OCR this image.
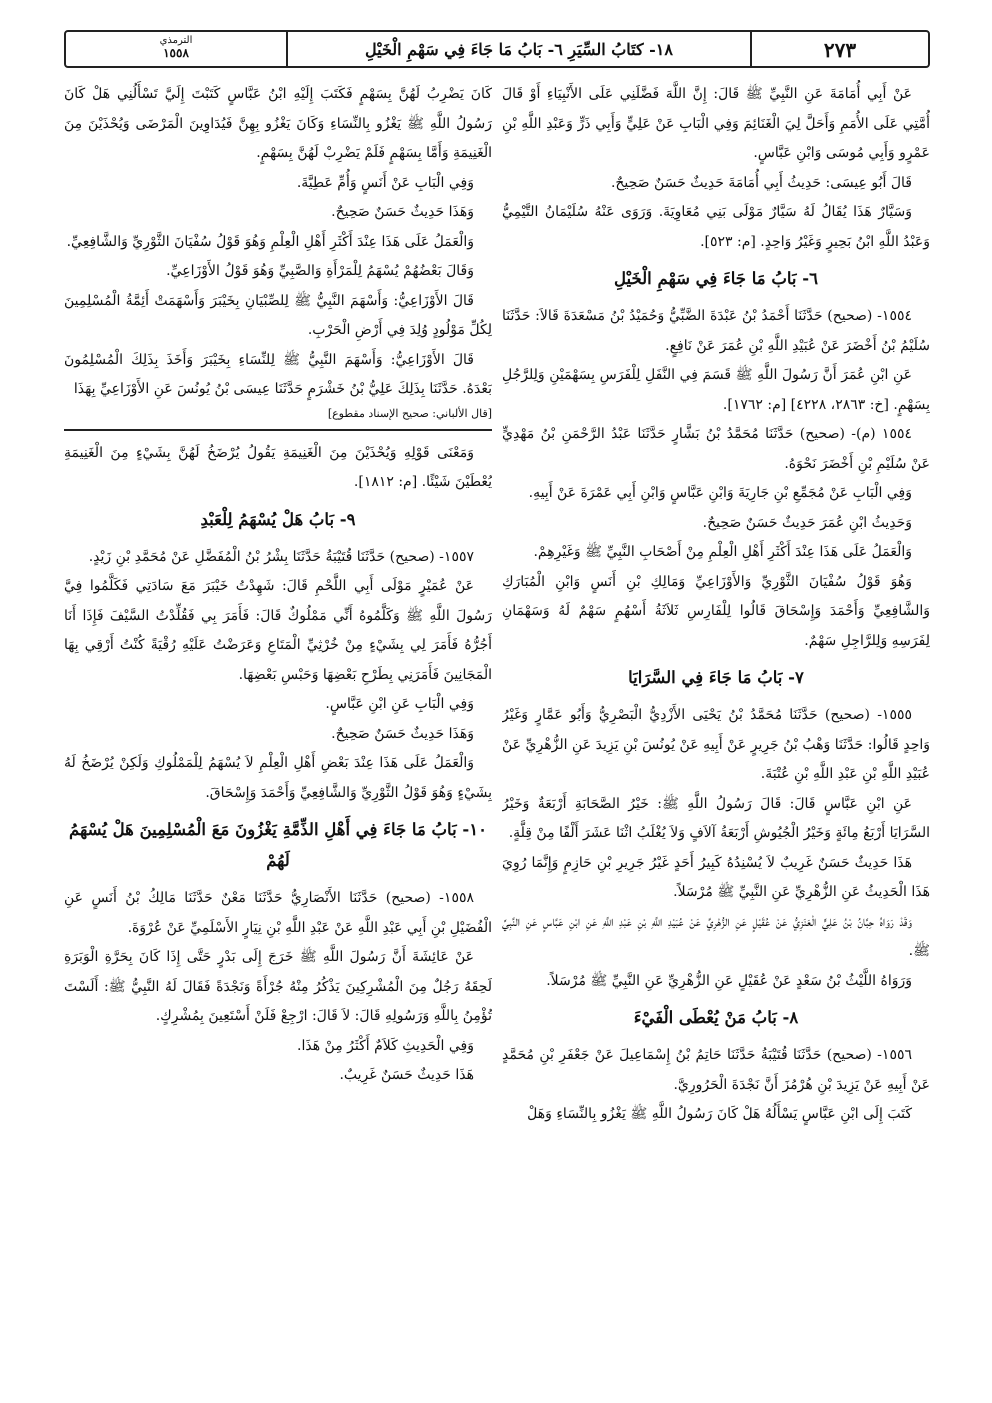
الترمذي
١٥٥٨	١٨- كتَابُ السِّيَرِ ٦- بَابُ مَا جَاءَ فِي سَهْمِ الْخَيْلِ	٢٧٣

عَنْ أَبِي أُمَامَةَ عَنِ النَّبِيِّ ﷺ قَالَ: إِنَّ اللَّهَ فَضَّلَنِي عَلَى الأَنْبِيَاءِ أَوْ قَالَ أُمَّتِي عَلَى الأُمَمِ وَأَحَلَّ لِيَ الْغَنَائِمَ وَفِي الْبَابِ عَنْ عَلِيٍّ وَأَبِي ذَرٍّ وَعَبْدِ اللَّهِ بْنِ عَمْرٍو وَأَبِي مُوسَى وَابْنِ عَبَّاسٍ.

قَالَ أَبُو عِيسَى: حَدِيثُ أَبِي أُمَامَةَ حَدِيثٌ حَسَنٌ صَحِيحٌ.

وَسَيَّارٌ هَذَا يُقَالُ لَهُ سَيَّارٌ مَوْلَى بَنِي مُعَاوِيَةَ. وَرَوَى عَنْهُ سُلَيْمَانُ التَّيْمِيُّ وَعَبْدُ اللَّهِ ابْنُ بَحِيرٍ وَغَيْرُ وَاحِدٍ. [م: ٥٢٣].

٦- بَابُ مَا جَاءَ فِي سَهْمِ الْخَيْلِ

١٥٥٤- (صحيح) حَدَّثَنَا أَحْمَدُ بْنُ عَبْدَةَ الضَّبِّيُّ وَحُمَيْدُ بْنُ مَسْعَدَةَ قَالاَ: حَدَّثَنَا سُلَيْمُ بْنُ أَخْضَرَ عَنْ عُبَيْدِ اللَّهِ بْنِ عُمَرَ عَنْ نَافِعٍ.

عَنِ ابْنِ عُمَرَ أَنَّ رَسُولَ اللَّهِ ﷺ قَسَمَ فِي النَّفَلِ لِلْفَرَسِ بِسَهْمَيْنِ وَلِلرَّجُلِ بِسَهْمٍ. [خ: ٢٨٦٣، ٤٢٢٨] [م: ١٧٦٢].

١٥٥٤ (م)- (صحيح) حَدَّثَنَا مُحَمَّدُ بْنُ بَشَّارٍ حَدَّثَنَا عَبْدُ الرَّحْمَنِ بْنُ مَهْدِيٍّ عَنْ سُلَيْمِ بْنِ أَخْضَرَ نَحْوَهُ.

وَفِي الْبَابِ عَنْ مُجَمِّعِ بْنِ جَارِيَةَ وَابْنِ عَبَّاسٍ وَابْنِ أَبِي عَمْرَةَ عَنْ أَبِيهِ.

وَحَدِيثُ ابْنِ عُمَرَ حَدِيثٌ حَسَنٌ صَحِيحٌ.

وَالْعَمَلُ عَلَى هَذَا عِنْدَ أَكْثَرِ أَهْلِ الْعِلْمِ مِنْ أَصْحَابِ النَّبِيِّ ﷺ وَغَيْرِهِمْ.

وَهُوَ قَوْلُ سُفْيَانَ الثَّوْرِيِّ وَالأَوْزَاعِيِّ وَمَالِكِ بْنِ أَنَسٍ وَابْنِ الْمُبَارَكِ وَالشَّافِعِيِّ وَأَحْمَدَ وَإِسْحَاقَ قَالُوا لِلْفَارِسِ ثَلاَثَةُ أَسْهُمٍ سَهْمٌ لَهُ وَسَهْمَانِ لِفَرَسِهِ وَلِلرَّاجِلِ سَهْمٌ.

٧- بَابُ مَا جَاءَ فِي السَّرَايَا

١٥٥٥- (صحيح) حَدَّثَنَا مُحَمَّدُ بْنُ يَحْيَى الأَزْدِيُّ الْبَصْرِيُّ وَأَبُو عَمَّارٍ وَغَيْرُ وَاحِدٍ قَالُوا: حَدَّثَنَا وَهْبُ بْنُ جَرِيرٍ عَنْ أَبِيهِ عَنْ يُونُسَ بْنِ يَزِيدَ عَنِ الزُّهْرِيِّ عَنْ عُبَيْدِ اللَّهِ بْنِ عَبْدِ اللَّهِ بْنِ عُتْبَةَ.

عَنِ ابْنِ عَبَّاسٍ قَالَ: قَالَ رَسُولُ اللَّهِ ﷺ: خَيْرُ الصَّحَابَةِ أَرْبَعَةٌ وَخَيْرُ السَّرَايَا أَرْبَعُ مِائَةٍ وَخَيْرُ الْجُيُوشِ أَرْبَعَةُ آلاَفٍ وَلاَ يُغْلَبُ اثْنَا عَشَرَ أَلْفًا مِنْ قِلَّةٍ.

هَذَا حَدِيثٌ حَسَنٌ غَرِيبٌ لاَ يُسْنِدُهُ كَبِيرُ أَحَدٍ غَيْرُ جَرِيرِ بْنِ حَازِمٍ وَإِنَّمَا رُوِيَ هَذَا الْحَدِيثُ عَنِ الزُّهْرِيِّ عَنِ النَّبِيِّ ﷺ مُرْسَلاً.

وَقَدْ رَوَاهُ حِبَّانُ بْنُ عَلِيٍّ الْعَنَزِيُّ عَنْ عُقَيْلٍ عَنِ الزُّهْرِيِّ عَنْ عُبَيْدِ اللَّهِ بْنِ عَبْدِ اللَّهِ عَنِ ابْنِ عَبَّاسٍ عَنِ النَّبِيِّ ﷺ.

وَرَوَاهُ اللَّيْثُ بْنُ سَعْدٍ عَنْ عُقَيْلٍ عَنِ الزُّهْرِيِّ عَنِ النَّبِيِّ ﷺ مُرْسَلاً.

٨- بَابُ مَنْ يُعْطَى الْفَيْءَ

١٥٥٦- (صحيح) حَدَّثَنَا قُتَيْبَةُ حَدَّثَنَا حَاتِمُ بْنُ إِسْمَاعِيلَ عَنْ جَعْفَرِ بْنِ مُحَمَّدٍ عَنْ أَبِيهِ عَنْ يَزِيدَ بْنِ هُرْمُزَ أَنَّ نَجْدَةَ الْحَرُورِيَّ.

كَتَبَ إِلَى ابْنِ عَبَّاسٍ يَسْأَلُهُ هَلْ كَانَ رَسُولُ اللَّهِ ﷺ يَغْزُو بِالنِّسَاءِ وَهَلْ

كَانَ يَضْرِبُ لَهُنَّ بِسَهْمٍ فَكَتَبَ إِلَيْهِ ابْنُ عَبَّاسٍ كَتَبْتَ إِلَيَّ تَسْأَلُنِي هَلْ كَانَ رَسُولُ اللَّهِ ﷺ يَغْزُو بِالنِّسَاءِ وَكَانَ يَغْزُو بِهِنَّ فَيُدَاوِينَ الْمَرْضَى وَيُحْذَيْنَ مِنَ الْغَنِيمَةِ وَأَمَّا بِسَهْمٍ فَلَمْ يَضْرِبْ لَهُنَّ بِسَهْمٍ.

وَفِي الْبَابِ عَنْ أَنَسٍ وَأُمِّ عَطِيَّةَ.

وَهَذَا حَدِيثٌ حَسَنٌ صَحِيحٌ.

وَالْعَمَلُ عَلَى هَذَا عِنْدَ أَكْثَرِ أَهْلِ الْعِلْمِ وَهُوَ قَوْلُ سُفْيَانَ الثَّوْرِيِّ وَالشَّافِعِيِّ.

وَقَالَ بَعْضُهُمْ يُسْهَمُ لِلْمَرْأَةِ وَالصَّبِيِّ وَهُوَ قَوْلُ الأَوْزَاعِيِّ.

قَالَ الأَوْزَاعِيُّ: وَأَسْهَمَ النَّبِيُّ ﷺ لِلصِّبْيَانِ بِخَيْبَرَ وَأَسْهَمَتْ أَئِمَّةُ الْمُسْلِمِينَ لِكُلِّ مَوْلُودٍ وُلِدَ فِي أَرْضِ الْحَرْبِ.

قَالَ الأَوْزَاعِيُّ: وَأَسْهَمَ النَّبِيُّ ﷺ لِلنِّسَاءِ بِخَيْبَرَ وَأَخَذَ بِذَلِكَ الْمُسْلِمُونَ بَعْدَهُ. حَدَّثَنَا بِذَلِكَ عَلِيُّ بْنُ خَشْرَمٍ حَدَّثَنَا عِيسَى بْنُ يُونُسَ عَنِ الأَوْزَاعِيِّ بِهَذَا

[قال الألباني: صحيح الإسناد مقطوع]

وَمَعْنَى قَوْلِهِ وَيُحْذَيْنَ مِنَ الْغَنِيمَةِ يَقُولُ يُرْضَخُ لَهُنَّ بِشَيْءٍ مِنَ الْغَنِيمَةِ يُعْطَيْنَ شَيْئًا. [م: ١٨١٢].

٩- بَابُ هَلْ يُسْهَمُ لِلْعَبْدِ

١٥٥٧- (صحيح) حَدَّثَنَا قُتَيْبَةُ حَدَّثَنَا بِشْرُ بْنُ الْمُفَضَّلِ عَنْ مُحَمَّدِ بْنِ زَيْدٍ.

عَنْ عُمَيْرٍ مَوْلَى أَبِي اللَّحْمِ قَالَ: شَهِدْتُ خَيْبَرَ مَعَ سَادَتِي فَكَلَّمُوا فِيَّ رَسُولَ اللَّهِ ﷺ وَكَلَّمُوهُ أَنِّي مَمْلُوكٌ قَالَ: فَأَمَرَ بِي فَقُلِّدْتُ السَّيْفَ فَإِذَا أَنَا أَجُرُّهُ فَأَمَرَ لِي بِشَيْءٍ مِنْ خُرْثِيِّ الْمَتَاعِ وَعَرَضْتُ عَلَيْهِ رُقْيَةً كُنْتُ أَرْقِي بِهَا الْمَجَانِينَ فَأَمَرَنِي بِطَرْحِ بَعْضِهَا وَحَبْسِ بَعْضِهَا.

وَفِي الْبَابِ عَنِ ابْنِ عَبَّاسٍ.

وَهَذَا حَدِيثٌ حَسَنٌ صَحِيحٌ.

وَالْعَمَلُ عَلَى هَذَا عِنْدَ بَعْضِ أَهْلِ الْعِلْمِ لاَ يُسْهَمُ لِلْمَمْلُوكِ وَلَكِنْ يُرْضَخُ لَهُ بِشَيْءٍ وَهُوَ قَوْلُ الثَّوْرِيِّ وَالشَّافِعِيِّ وَأَحْمَدَ وَإِسْحَاقَ.

١٠- بَابُ مَا جَاءَ فِي أَهْلِ الذِّمَّةِ يَغْزُونَ مَعَ الْمُسْلِمِينَ هَلْ يُسْهَمُ لَهُمْ

١٥٥٨- (صحيح) حَدَّثَنَا الأَنْصَارِيُّ حَدَّثَنَا مَعْنٌ حَدَّثَنَا مَالِكُ بْنُ أَنَسٍ عَنِ الْفُضَيْلِ بْنِ أَبِي عَبْدِ اللَّهِ عَنْ عَبْدِ اللَّهِ بْنِ نِيَارٍ الأَسْلَمِيِّ عَنْ عُرْوَةَ.

عَنْ عَائِشَةَ أَنَّ رَسُولَ اللَّهِ ﷺ خَرَجَ إِلَى بَدْرٍ حَتَّى إِذَا كَانَ بِحَرَّةِ الْوَبَرَةِ لَحِقَهُ رَجُلٌ مِنَ الْمُشْرِكِينَ يَذْكُرُ مِنْهُ جُرْأَةً وَنَجْدَةً فَقَالَ لَهُ النَّبِيُّ ﷺ: أَلَسْتَ تُؤْمِنُ بِاللَّهِ وَرَسُولِهِ قَالَ: لاَ قَالَ: ارْجِعْ فَلَنْ أَسْتَعِينَ بِمُشْرِكٍ.

وَفِي الْحَدِيثِ كَلاَمٌ أَكْثَرُ مِنْ هَذَا.

هَذَا حَدِيثٌ حَسَنٌ غَرِيبٌ.
